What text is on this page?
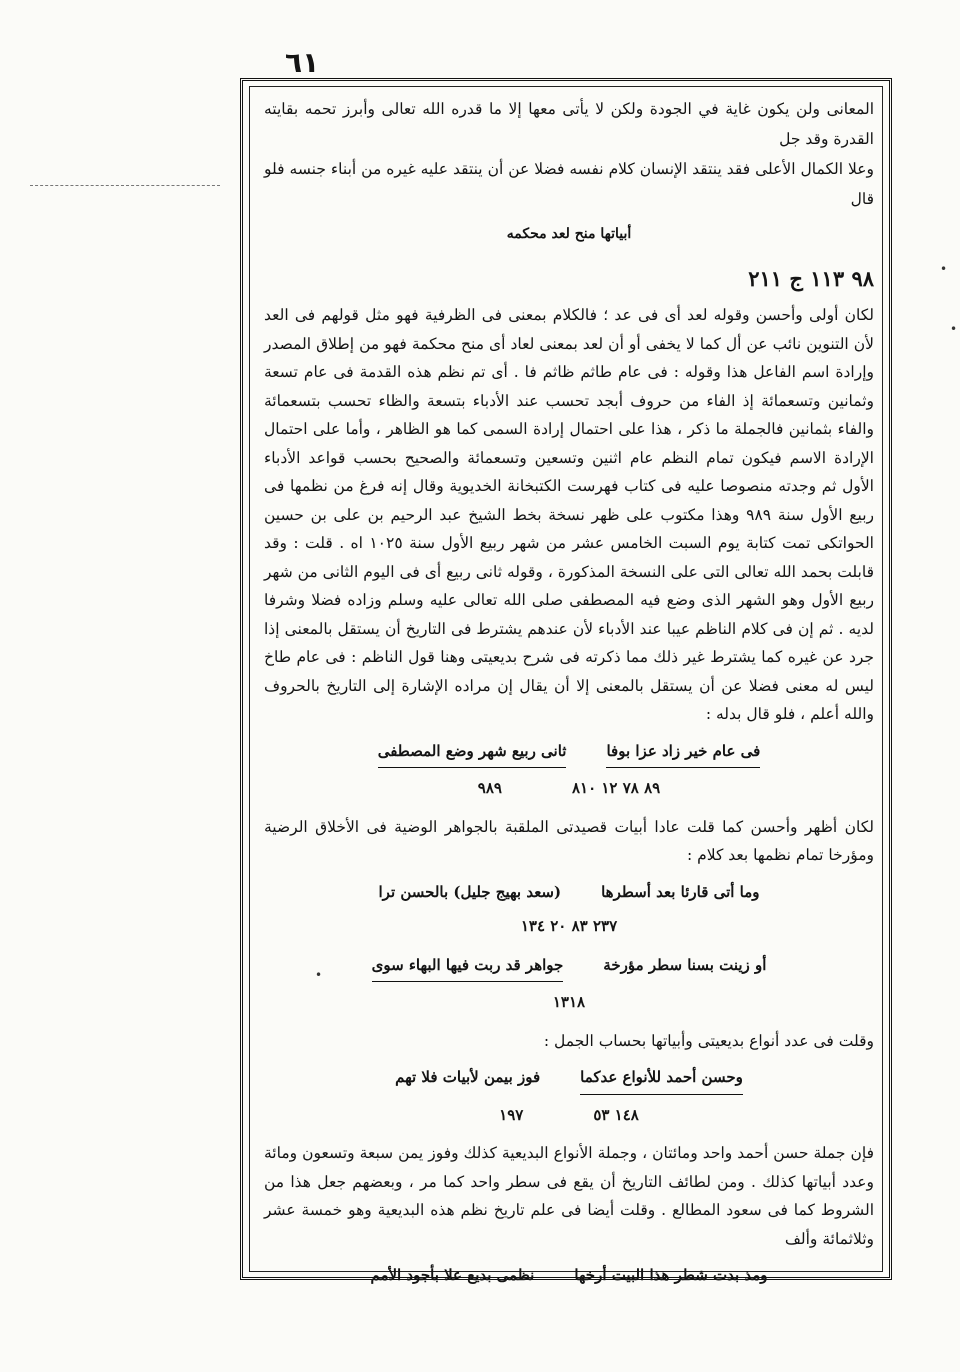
٦١
•
•
•

المعانى ولن يكون غاية في الجودة ولكن لا يأتى معها إلا ما قدره الله تعالى وأبرز تحمه بقايته القدرة وقد جل

وعلا الكمال الأعلى فقد ينتقد الإنسان كلام نفسه فضلا عن أن ينتقد عليه غيره من أبناء جنسه فلو قال

أبياتها منح لعد محكمه

٩٨ ١١٣ ج ٢١١

لكان أولى وأحسن وقوله لعد أى فى عد ؛ فالكلام بمعنى فى الظرفية فهو مثل قولهم فى العد لأن التنوين نائب عن أل كما لا يخفى أو أن لعد بمعنى لعاد أى منح محكمة فهو من إطلاق المصدر وإرادة اسم الفاعل هذا وقوله : فى عام طاثم ظاثم فا . أى تم نظم هذه القدمة فى عام تسعة وثمانين وتسعمائة إذ الفاء من حروف أبجد تحسب عند الأدباء بتسعة والظاء تحسب بتسعمائة والفاء بثمانين فالجملة ما ذكر ، هذا على احتمال إرادة السمى كما هو الظاهر ، وأما على احتمال الإرادة الاسم فيكون تمام النظم عام اثنين وتسعين وتسعمائة والصحيح بحسب قواعد الأدباء الأول ثم وجدته منصوصا عليه فى كتاب فهرست الكتبخانة الخديوية وقال إنه فرغ من نظمها فى ربيع الأول سنة ٩٨٩ وهذا مكتوب على ظهر نسخة بخط الشيخ عبد الرحيم بن على بن حسين الحواتكى تمت كتابة يوم السبت الخامس عشر من شهر ربيع الأول سنة ١٠٢٥ اه . قلت : وقد قابلت بحمد الله تعالى التى على النسخة المذكورة ، وقوله ثانى ربيع أى فى اليوم الثانى من شهر ربيع الأول وهو الشهر الذى وضع فيه المصطفى صلى الله تعالى عليه وسلم وزاده فضلا وشرفا لديه . ثم إن فى كلام الناظم عيبا عند الأدباء لأن عندهم يشترط فى التاريخ أن يستقل بالمعنى إذا جرد عن غيره كما يشترط غير ذلك مما ذكرته فى شرح بديعيتى وهنا قول الناظم : فى عام طاخ ليس له معنى فضلا عن أن يستقل بالمعنى إلا أن يقال إن مراده الإشارة إلى التاريخ بالحروف والله أعلم ، فلو قال بدله :

فى عام خير زاد عزا بوفا
ثانى ربيع شهر وضع المصطفى
٩٨٩	٨٩ ٧٨ ١٢ ٨١٠

لكان أظهر وأحسن كما قلت عادا أبيات قصيدتى الملقبة بالجواهر الوضية فى الأخلاق الرضية ومؤرخا تمام نظمها بعد كلام :

وما أتى قارئا بعد أسطرها
(سعد بهيج جليل) بالحسن ترا
٢٣٧ ٨٣ ٢٠ ١٣٤
أو زينت بسنا سطر مؤرخة
جواهر قد ربت فيها البهاء سوى
١٣١٨

وقلت فى عدد أنواع بديعيتى وأبياتها بحساب الجمل :

وحسن أحمد للأنواع عدكما
فوز بيمن لأبيات فلا تهم
١٩٧	١٤٨ ٥٣

فإن جملة حسن أحمد واحد ومائتان ، وجملة الأنواع البديعية كذلك وفوز يمن سبعة وتسعون ومائة وعدد أبياتها كذلك . ومن لطائف التاريخ أن يقع فى سطر واحد كما مر ، وبعضهم جعل هذا من الشروط كما فى سعود المطالع . وقلت أيضا فى علم تاريخ نظم هذه البديعية وهو خمسة عشر وثلاثمائة وألف

ومذ بدت شطر هذا البيت أرخها
نظمى بديع علا بأجود الأمم
